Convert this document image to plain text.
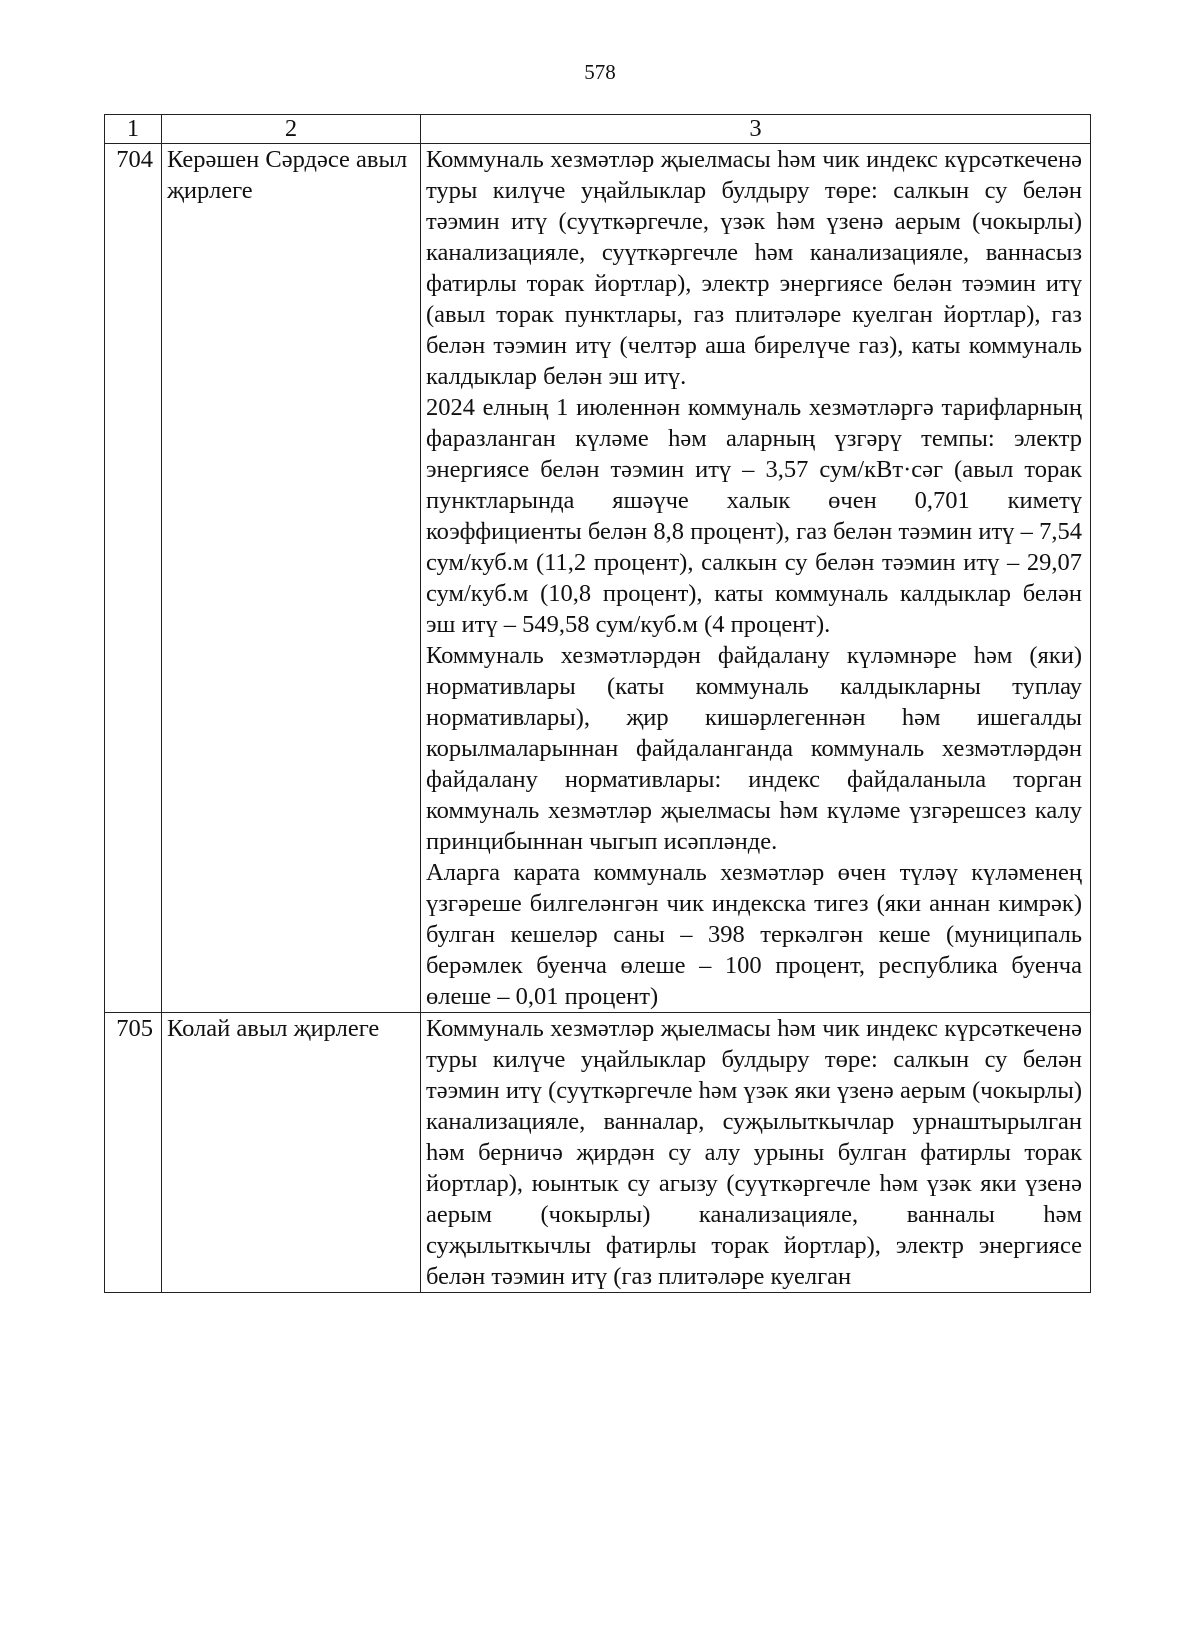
578
1	2	3
704	Керәшен Сәрдәсе авыл җирлеге	Коммуналь хезмәтләр җыелмасы һәм чик индекс күрсәткеченә туры килүче уңайлыклар булдыру төре: салкын су белән тәэмин итү (суүткәргечле, үзәк һәм үзенә аерым (чокырлы) канализацияле, суүткәргечле һәм канализацияле, ваннасыз фатирлы торак йортлар), электр энергиясе белән тәэмин итү (авыл торак пунктлары, газ плитәләре куелган йортлар), газ белән тәэмин итү (челтәр аша бирелүче газ), каты коммуналь калдыклар белән эш итү.

2024 елның 1 июленнән коммуналь хезмәтләргә тарифларның фаразланган күләме һәм аларның үзгәрү темпы: электр энергиясе белән тәэмин итү – 3,57 сум/кВт·сәг (авыл торак пунктларында яшәүче халык өчен 0,701 киметү коэффициенты белән 8,8 процент), газ белән тәэмин итү – 7,54 сум/куб.м (11,2 процент), салкын су белән тәэмин итү – 29,07 сум/куб.м (10,8 процент), каты коммуналь калдыклар белән эш итү – 549,58 сум/куб.м (4 процент).

Коммуналь хезмәтләрдән файдалану күләмнәре һәм (яки) нормативлары (каты коммуналь калдыкларны туплау нормативлары), җир кишәрлегеннән һәм ишегалды корылмаларыннан файдаланганда коммуналь хезмәтләрдән файдалану нормативлары: индекс файдаланыла торган коммуналь хезмәтләр җыелмасы һәм күләме үзгәрешсез калу принцибыннан чыгып исәпләнде.

Аларга карата коммуналь хезмәтләр өчен түләү күләменең үзгәреше билгеләнгән чик индекска тигез (яки аннан кимрәк) булган кешеләр саны – 398 теркәлгән кеше (муниципаль берәмлек буенча өлеше – 100 процент, республика буенча өлеше – 0,01 процент)

705	Колай авыл җирлеге	Коммуналь хезмәтләр җыелмасы һәм чик индекс күрсәткеченә туры килүче уңайлыклар булдыру төре: салкын су белән тәэмин итү (суүткәргечле һәм үзәк яки үзенә аерым (чокырлы) канализацияле, ванналар, суҗылыткычлар урнаштырылган һәм берничә җирдән су алу урыны булган фатирлы торак йортлар), юынтык су агызу (суүткәргечле һәм үзәк яки үзенә аерым (чокырлы) канализацияле, ванналы һәм суҗылыткычлы фатирлы торак йортлар), электр энергиясе белән тәэмин итү (газ плитәләре куелган
